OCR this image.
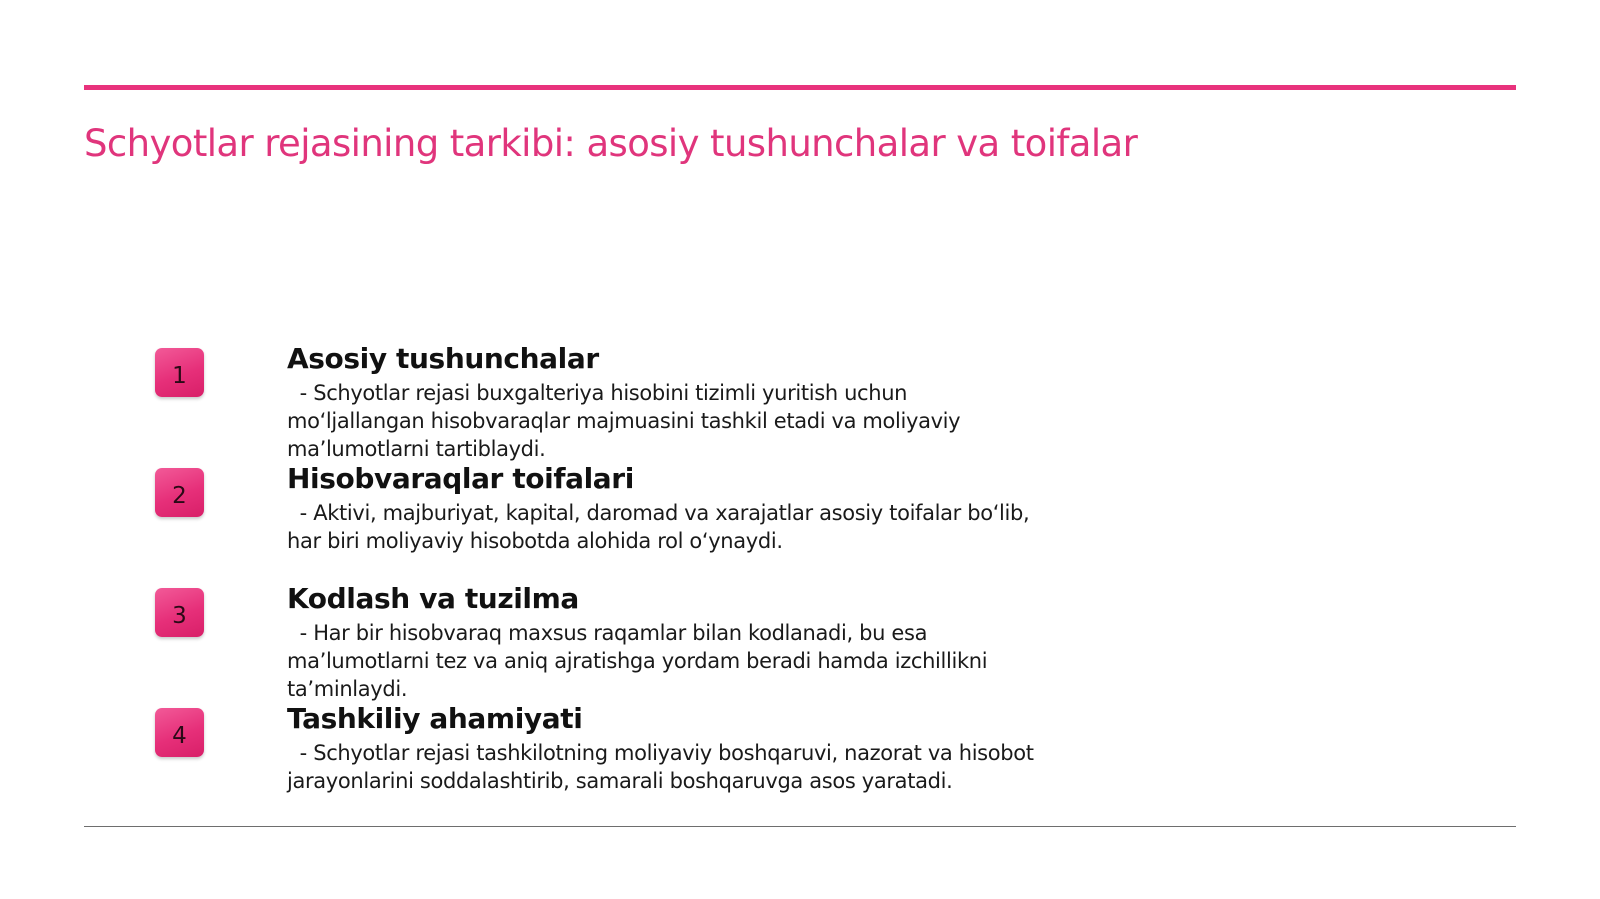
Schyotlar rejasining tarkibi: asosiy tushunchalar va toifalar
1
Asosiy tushunchalar

- Schyotlar rejasi buxgalteriya hisobini tizimli yuritish uchun
mo‘ljallangan hisobvaraqlar majmuasini tashkil etadi va moliyaviy
ma’lumotlarni tartiblaydi.

2
Hisobvaraqlar toifalari

- Aktivi, majburiyat, kapital, daromad va xarajatlar asosiy toifalar bo‘lib,
har biri moliyaviy hisobotda alohida rol o‘ynaydi.

3
Kodlash va tuzilma

- Har bir hisobvaraq maxsus raqamlar bilan kodlanadi, bu esa
ma’lumotlarni tez va aniq ajratishga yordam beradi hamda izchillikni
ta’minlaydi.

4
Tashkiliy ahamiyati

- Schyotlar rejasi tashkilotning moliyaviy boshqaruvi, nazorat va hisobot
jarayonlarini soddalashtirib, samarali boshqaruvga asos yaratadi.
